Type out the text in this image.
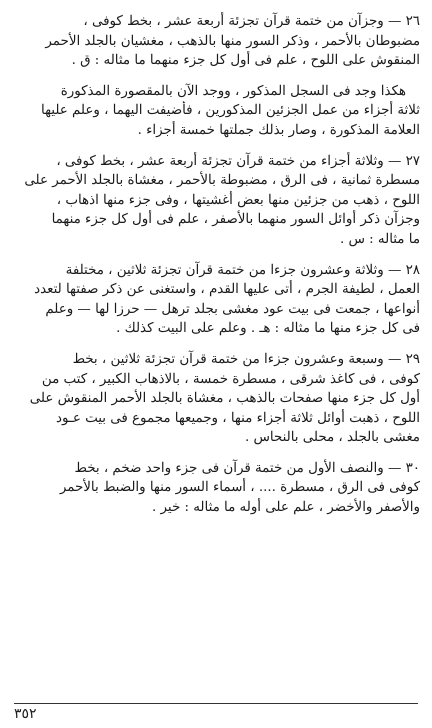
٢٦ — وجزآن من ختمة قرآن تجزئة أربعة عشر ، بخط كوفى ،
مضبوطان بالأحمر ، وذكر السور منها بالذهب ، مغشيان بالجلد الأحمر
المنقوش على اللوح ، علم فى أول كل جزء منهما ما مثاله : ق .
هكذا وجد فى السجل المذكور ، ووجد الآن بالمقصورة المذكورة
ثلاثة أجزاء من عمل الجزئين المذكورين ، فأضيفت اليهما ، وعلم عليها
العلامة المذكورة ، وصار بذلك جملتها خمسة أجزاء .
٢٧ — وثلاثة أجزاء من ختمة قرآن تجزئة أربعة عشر ، بخط كوفى ،
مسطرة ثمانية ، فى الرق ، مضبوطة بالأحمر ، مغشاة بالجلد الأحمر على
اللوح ، ذهب من جزئين منها بعض أغشيتها ، وفى جزء منها اذهاب ،
وجزآن ذكر أوائل السور منهما بالأصفر ، علم فى أول كل جزء منهما
ما مثاله : س .
٢٨ — وثلاثة وعشرون جزءا من ختمة قرآن تجزئة ثلاثين ، مختلفة
العمل ، لطيفة الجرم ، أتى عليها القدم ، واستغنى عن ذكر صفتها لتعدد
أنواعها ، جمعت فى بيت عود مغشى بجلد ترهل — حرزا لها — وعلم
فى كل جزء منها ما مثاله : هـ . وعلم على البيت كذلك .
٢٩ — وسبعة وعشرون جزءا من ختمة قرآن تجزئة ثلاثين ، بخط
كوفى ، فى كاغذ شرقى ، مسطرة خمسة ، بالاذهاب الكبير ، كتب من
أول كل جزء منها صفحات بالذهب ، مغشاة بالجلد الأحمر المنقوش على
اللوح ، ذهبت أوائل ثلاثة أجزاء منها ، وجميعها مجموع فى بيت عـود
مغشى بالجلد ، محلى بالنحاس .
٣٠ — والنصف الأول من ختمة قرآن فى جزء واحد ضخم ، بخط
كوفى فى الرق ، مسطرة .... ، أسماء السور منها والضبط بالأحمر
والأصفر والأخضر ، علم على أوله ما مثاله : خير .
٣٥٢
